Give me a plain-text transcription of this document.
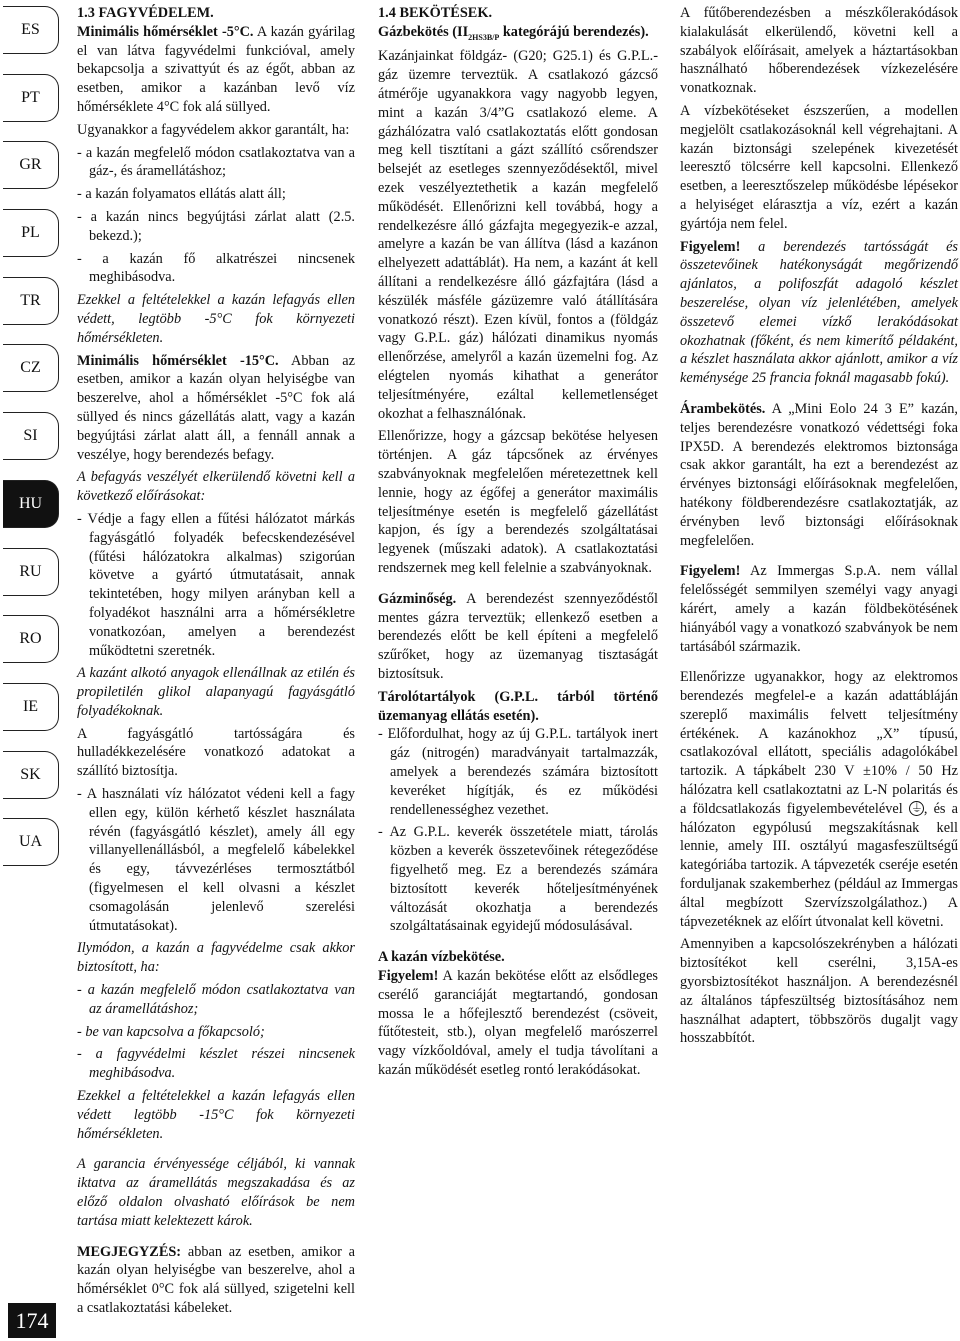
ES
PT
GR
PL
TR
CZ
SI
HU
RU
RO
IE
SK
UA
174

1.3 FAGYVÉDELEM.

Minimális hőmérséklet -5°C. A kazán gyárilag el van látva fagyvédelmi funkcióval, amely bekapcsolja a szivattyút és az égőt, abban az esetben, amikor a kazánban levő víz hőmérséklete 4°C fok alá süllyed.

Ugyanakkor a fagyvédelem akkor garantált, ha:

- a kazán megfelelő módon csatlakoztatva van a gáz-, és áramellátáshoz;
- a kazán folyamatos ellátás alatt áll;
- a kazán nincs begyújtási zárlat alatt (2.5. bekezd.);
- a kazán fő alkatrészei nincsenek meghibásodva.

Ezekkel a feltételekkel a kazán lefagyás ellen védett, legtöbb -5°C fok környezeti hőmérsékleten.

Minimális hőmérséklet -15°C. Abban az esetben, amikor a kazán olyan helyiségbe van beszerelve, ahol a hőmérséklet -5°C fok alá süllyed és nincs gázellátás alatt, vagy a kazán begyújtási zárlat alatt áll, a fennáll annak a veszélye, hogy berendezés befagy.

A befagyás veszélyét elkerülendő követni kell a következő előírásokat:

- Védje a fagy ellen a fűtési hálózatot márkás fagyásgátló folyadék befecskendezésével (fűtési hálózatokra alkalmas) szigorúan követve a gyártó útmutatásait, annak tekintetében, hogy milyen arányban kell a folyadékot használni arra a hőmérsékletre vonatkozóan, amelyen a berendezést működtetni szeretnék.

A kazánt alkotó anyagok ellenállnak az etilén és propiletilén glikol alapanyagú fagyásgátló folyadékoknak.

A fagyásgátló tartósságára és hulladékkezelésére vonatkozó adatokat a szállító biztosítja.

- A használati víz hálózatot védeni kell a fagy ellen egy, külön kérhető készlet használata révén (fagyásgátló készlet), amely áll egy villanyellenállásból, a megfelelő kábelekkel és egy, távvezérléses termosztátból (figyelmesen el kell olvasni a készlet csomagolásán jelenlevő szerelési útmutatásokat).

Ilymódon, a kazán a fagyvédelme csak akkor biztosított, ha:

- a kazán megfelelő módon csatlakoztatva van az áramellátáshoz;
- be van kapcsolva a főkapcsoló;
- a fagyvédelmi készlet részei nincsenek meghibásodva.

Ezekkel a feltételekkel a kazán lefagyás ellen védett legtöbb -15°C fok környezeti hőmérsékleten.

A garancia érvényessége céljából, ki vannak iktatva az áramellátás megszakadása és az előző oldalon olvasható előírások be nem tartása miatt kelektezett károk.

MEGJEGYZÉS: abban az esetben, amikor a kazán olyan helyiségbe van beszerelve, ahol a hőmérséklet 0°C fok alá süllyed, szigetelni kell a csatlakoztatási kábeleket.

1.4 BEKÖTÉSEK.

Gázbekötés ($II_{2HS3B/P}$ kategórájú berendezés).

Kazánjainkat földgáz- (G20; G25.1) és G.P.L.-gáz üzemre terveztük. A csatlakozó gázcső átmérője ugyanakkora vagy nagyobb legyen, mint a kazán 3/4”G csatlakozó eleme. A gázhálózatra való csatlakoztatás előtt gondosan meg kell tisztítani a gázt szállító csőrendszer belsejét az esetleges szennyeződésektől, mivel ezek veszélyeztethetik a kazán megfelelő működését. Ellenőrizni kell továbbá, hogy a rendelkezésre álló gázfajta megegyezik-e azzal, amelyre a kazán be van állítva (lásd a kazánon elhelyezett adattáblát). Ha nem, a kazánt át kell állítani a rendelkezésre álló gázfajtára (lásd a készülék másféle gázüzemre való átállítására vonatkozó részt). Ezen kívül, fontos a (földgáz vagy G.P.L. gáz) hálózati dinamikus nyomás ellenőrzése, amelyről a kazán üzemelni fog. Az elégtelen nyomás kihathat a generátor teljesítményére, ezáltal kellemetlenséget okozhat a felhasználónak.

Ellenőrizze, hogy a gázcsap bekötése helyesen történjen. A gáz tápcsőnek az érvényes szabványoknak megfelelően méretezettnek kell lennie, hogy az égőfej a generátor maximális teljesítménye esetén is megfelelő gázellátást kapjon, és így a berendezés szolgáltatásai legyenek (műszaki adatok). A csatlakoztatási rendszernek meg kell felelnie a szabványoknak.

Gázminőség. A berendezést szennyeződéstől mentes gázra terveztük; ellenkező esetben a berendezés előtt be kell építeni a megfelelő szűrőket, hogy az üzemanyag tisztaságát biztosítsuk.

Tárolótartályok (G.P.L. tárból történő üzemanyag ellátás esetén).

- Előfordulhat, hogy az új G.P.L. tartályok inert gáz (nitrogén) maradványait tartalmazzák, amelyek a berendezés számára biztosított keveréket hígítják, és ez működési rendellenességhez vezethet.
- Az G.P.L. keverék összetétele miatt, tárolás közben a keverék összetevőinek rétegeződése figyelhető meg. Ez a berendezés számára biztosított keverék hőteljesítményének változását okozhatja a berendezés szolgáltatásainak egyidejű módosulásával.

A kazán vízbekötése.

Figyelem! A kazán bekötése előtt az elsődleges cserélő garanciáját megtartandó, gondosan mossa le a hőfejlesztő berendezést (csöveit, fűtőtesteit, stb.), olyan megfelelő marószerrel vagy vízkőoldóval, amely el tudja távolítani a kazán működését esetleg rontó lerakódásokat.

A fűtőberendezésben a mészkőlerakódások kialakulását elkerülendő, követni kell a szabályok előírásait, amelyek a háztartásokban használható hőberendezések vízkezelésére vonatkoznak.

A vízbekötéseket észszerűen, a modellen megjelölt csatlakozásoknál kell végrehajtani. A kazán biztonsági szelepének kivezetését leeresztő tölcsérre kell kapcsolni. Ellenkező esetben, a leeresztőszelep működésbe lépésekor a helyiséget elárasztja a víz, ezért a kazán gyártója nem felel.

Figyelem! a berendezés tartósságát és összetevőinek hatékonyságát megőrizendő ajánlatos, a polifoszfát adagoló készlet beszerelése, olyan víz jelenlétében, amelyek összetevő elemei vízkő lerakódásokat okozhatnak (főként, és nem kimerítő példaként, a készlet használata akkor ajánlott, amikor a víz keménysége 25 francia foknál magasabb fokú).

Árambekötés. A „Mini Eolo 24 3 E” kazán, teljes berendezésre vonatkozó védettségi foka IPX5D. A berendezés elektromos biztonsága csak akkor garantált, ha ezt a berendezést az érvényes biztonsági előírásoknak megfelelően, hatékony földberendezésre csatlakoztatják, az érvényben levő biztonsági előírásoknak megfelelően.

Figyelem! Az Immergas S.p.A. nem vállal felelősségét semmilyen személyi vagy anyagi kárért, amely a kazán földbekötésének hiányából vagy a vonatkozó szabványok be nem tartásából származik.

Ellenőrizze ugyanakkor, hogy az elektromos berendezés megfelel-e a kazán adattábláján szereplő maximális felvett teljesítmény értékének. A kazánokhoz „X” típusú, csatlakozóval ellátott, speciális adagolókábel tartozik. A tápkábelt 230 V ±10% / 50 Hz hálózatra kell csatlakoztatni az L-N polaritás és a földcsatlakozás figyelembevételével ⏚ , és a hálózaton egypólusú megszakításnak kell lennie, amely III. osztályú magasfeszültségű kategóriába tartozik. A tápvezeték cseréje esetén forduljanak szakemberhez (például az Immergas által megbízott Szervízszolgálathoz.) A tápvezetéknek az előírt útvonalat kell követni.

Amennyiben a kapcsolószekrényben a hálózati biztosítékot kell cserélni, 3,15A-es gyorsbiztosítékot használjon. A berendezésnél az általános tápfeszültség biztosításához nem használhat adaptert, többszörös dugaljt vagy hosszabbítót.
